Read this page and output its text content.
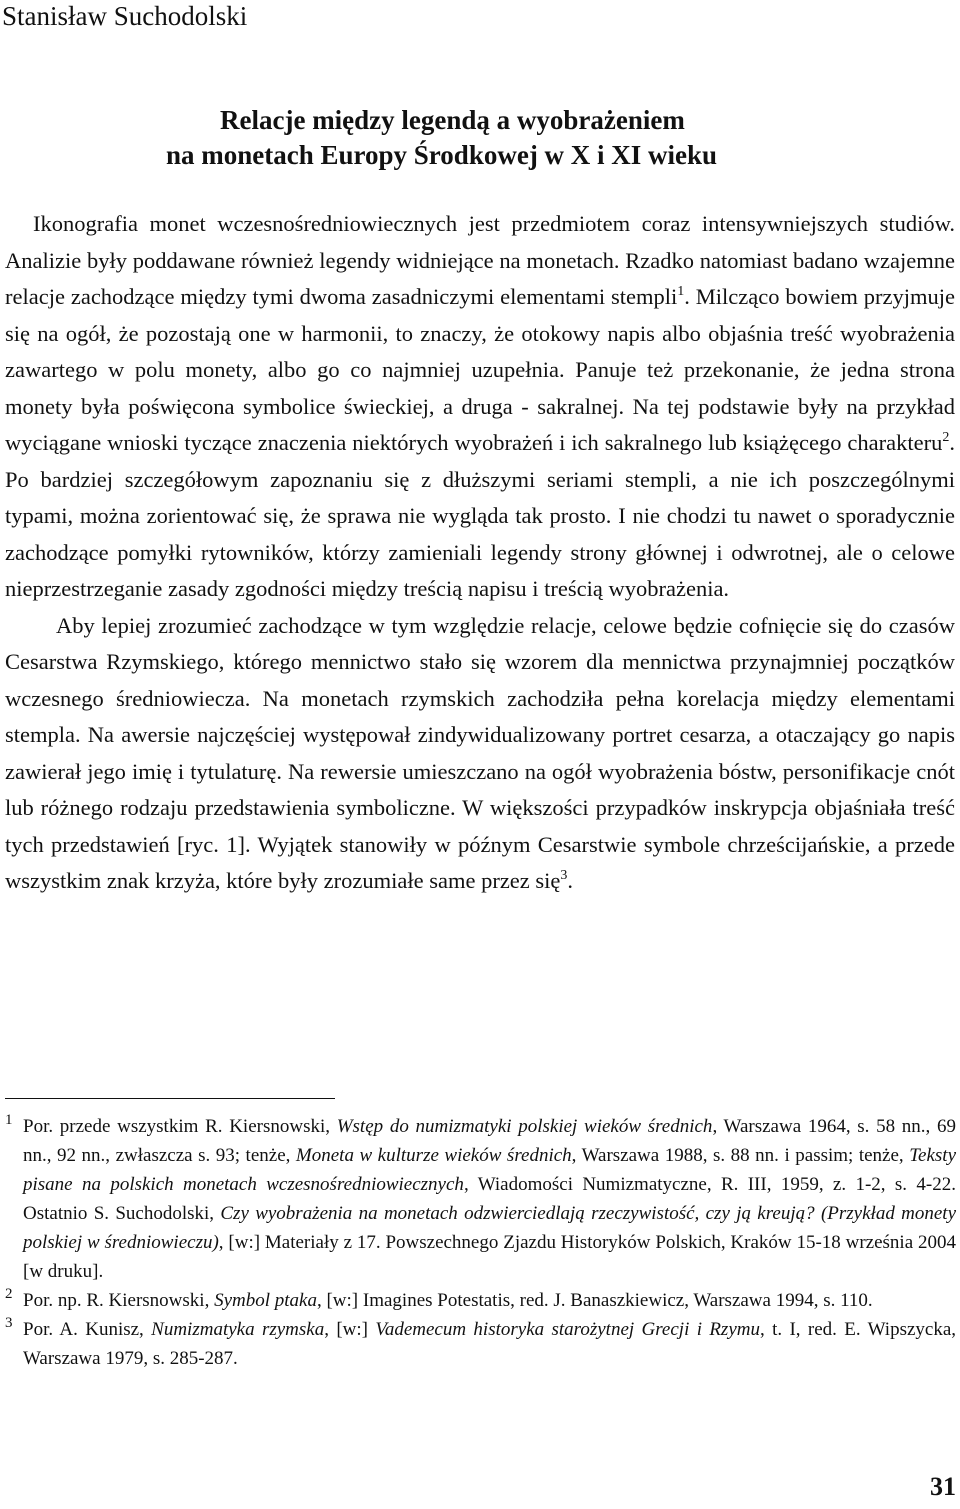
Stanisław Suchodolski
Relacje między legendą a wyobrażeniem
na monetach Europy Środkowej w X i XI wieku

Ikonografia monet wczesnośredniowiecznych jest przedmiotem coraz intensywniejszych studiów. Analizie były poddawane również legendy widniejące na monetach. Rzadko natomiast badano wzajemne relacje zachodzące między tymi dwoma zasadniczymi elementami stempli$^1$. Milcząco bowiem przyjmuje się na ogół, że pozostają one w harmonii, to znaczy, że otokowy napis albo objaśnia treść wyobrażenia zawartego w polu monety, albo go co najmniej uzupełnia. Panuje też przekonanie, że jedna strona monety była poświęcona symbolice świeckiej, a druga - sakralnej. Na tej podstawie były na przykład wyciągane wnioski tyczące znaczenia niektórych wyobrażeń i ich sakralnego lub książęcego charakteru$^2$. Po bardziej szczegółowym zapoznaniu się z dłuższymi seriami stempli, a nie ich poszczególnymi typami, można zorientować się, że sprawa nie wygląda tak prosto. I nie chodzi tu nawet o sporadycznie zachodzące pomyłki rytowników, którzy zamieniali legendy strony głównej i odwrotnej, ale o celowe nieprzestrzeganie zasady zgodności między treścią napisu i treścią wyobrażenia.

Aby lepiej zrozumieć zachodzące w tym względzie relacje, celowe będzie cofnięcie się do czasów Cesarstwa Rzymskiego, którego mennictwo stało się wzorem dla mennictwa przynajmniej początków wczesnego średniowiecza. Na monetach rzymskich zachodziła pełna korelacja między elementami stempla. Na awersie najczęściej występował zindywidualizowany portret cesarza, a otaczający go napis zawierał jego imię i tytulaturę. Na rewersie umieszczano na ogół wyobrażenia bóstw, personifikacje cnót lub różnego rodzaju przedstawienia symboliczne. W większości przypadków inskrypcja objaśniała treść tych przedstawień [ryc. 1]. Wyjątek stanowiły w późnym Cesarstwie symbole chrześcijańskie, a przede wszystkim znak krzyża, które były zrozumiałe same przez się$^3$.

1 Por. przede wszystkim R. Kiersnowski, Wstęp do numizmatyki polskiej wieków średnich, Warszawa 1964, s. 58 nn., 69 nn., 92 nn., zwłaszcza s. 93; tenże, Moneta w kulturze wieków średnich, Warszawa 1988, s. 88 nn. i passim; tenże, Teksty pisane na polskich monetach wczesnośredniowiecznych, Wiadomości Numizmatyczne, R. III, 1959, z. 1-2, s. 4-22. Ostatnio S. Suchodolski, Czy wyobrażenia na monetach odzwierciedlają rzeczywistość, czy ją kreują? (Przykład monety polskiej w średniowieczu), [w:] Materiały z 17. Powszechnego Zjazdu Historyków Polskich, Kraków 15-18 września 2004 [w druku].
2 Por. np. R. Kiersnowski, Symbol ptaka, [w:] Imagines Potestatis, red. J. Banaszkiewicz, Warszawa 1994, s. 110.
3 Por. A. Kunisz, Numizmatyka rzymska, [w:] Vademecum historyka starożytnej Grecji i Rzymu, t. I, red. E. Wipszycka, Warszawa 1979, s. 285-287.
31
